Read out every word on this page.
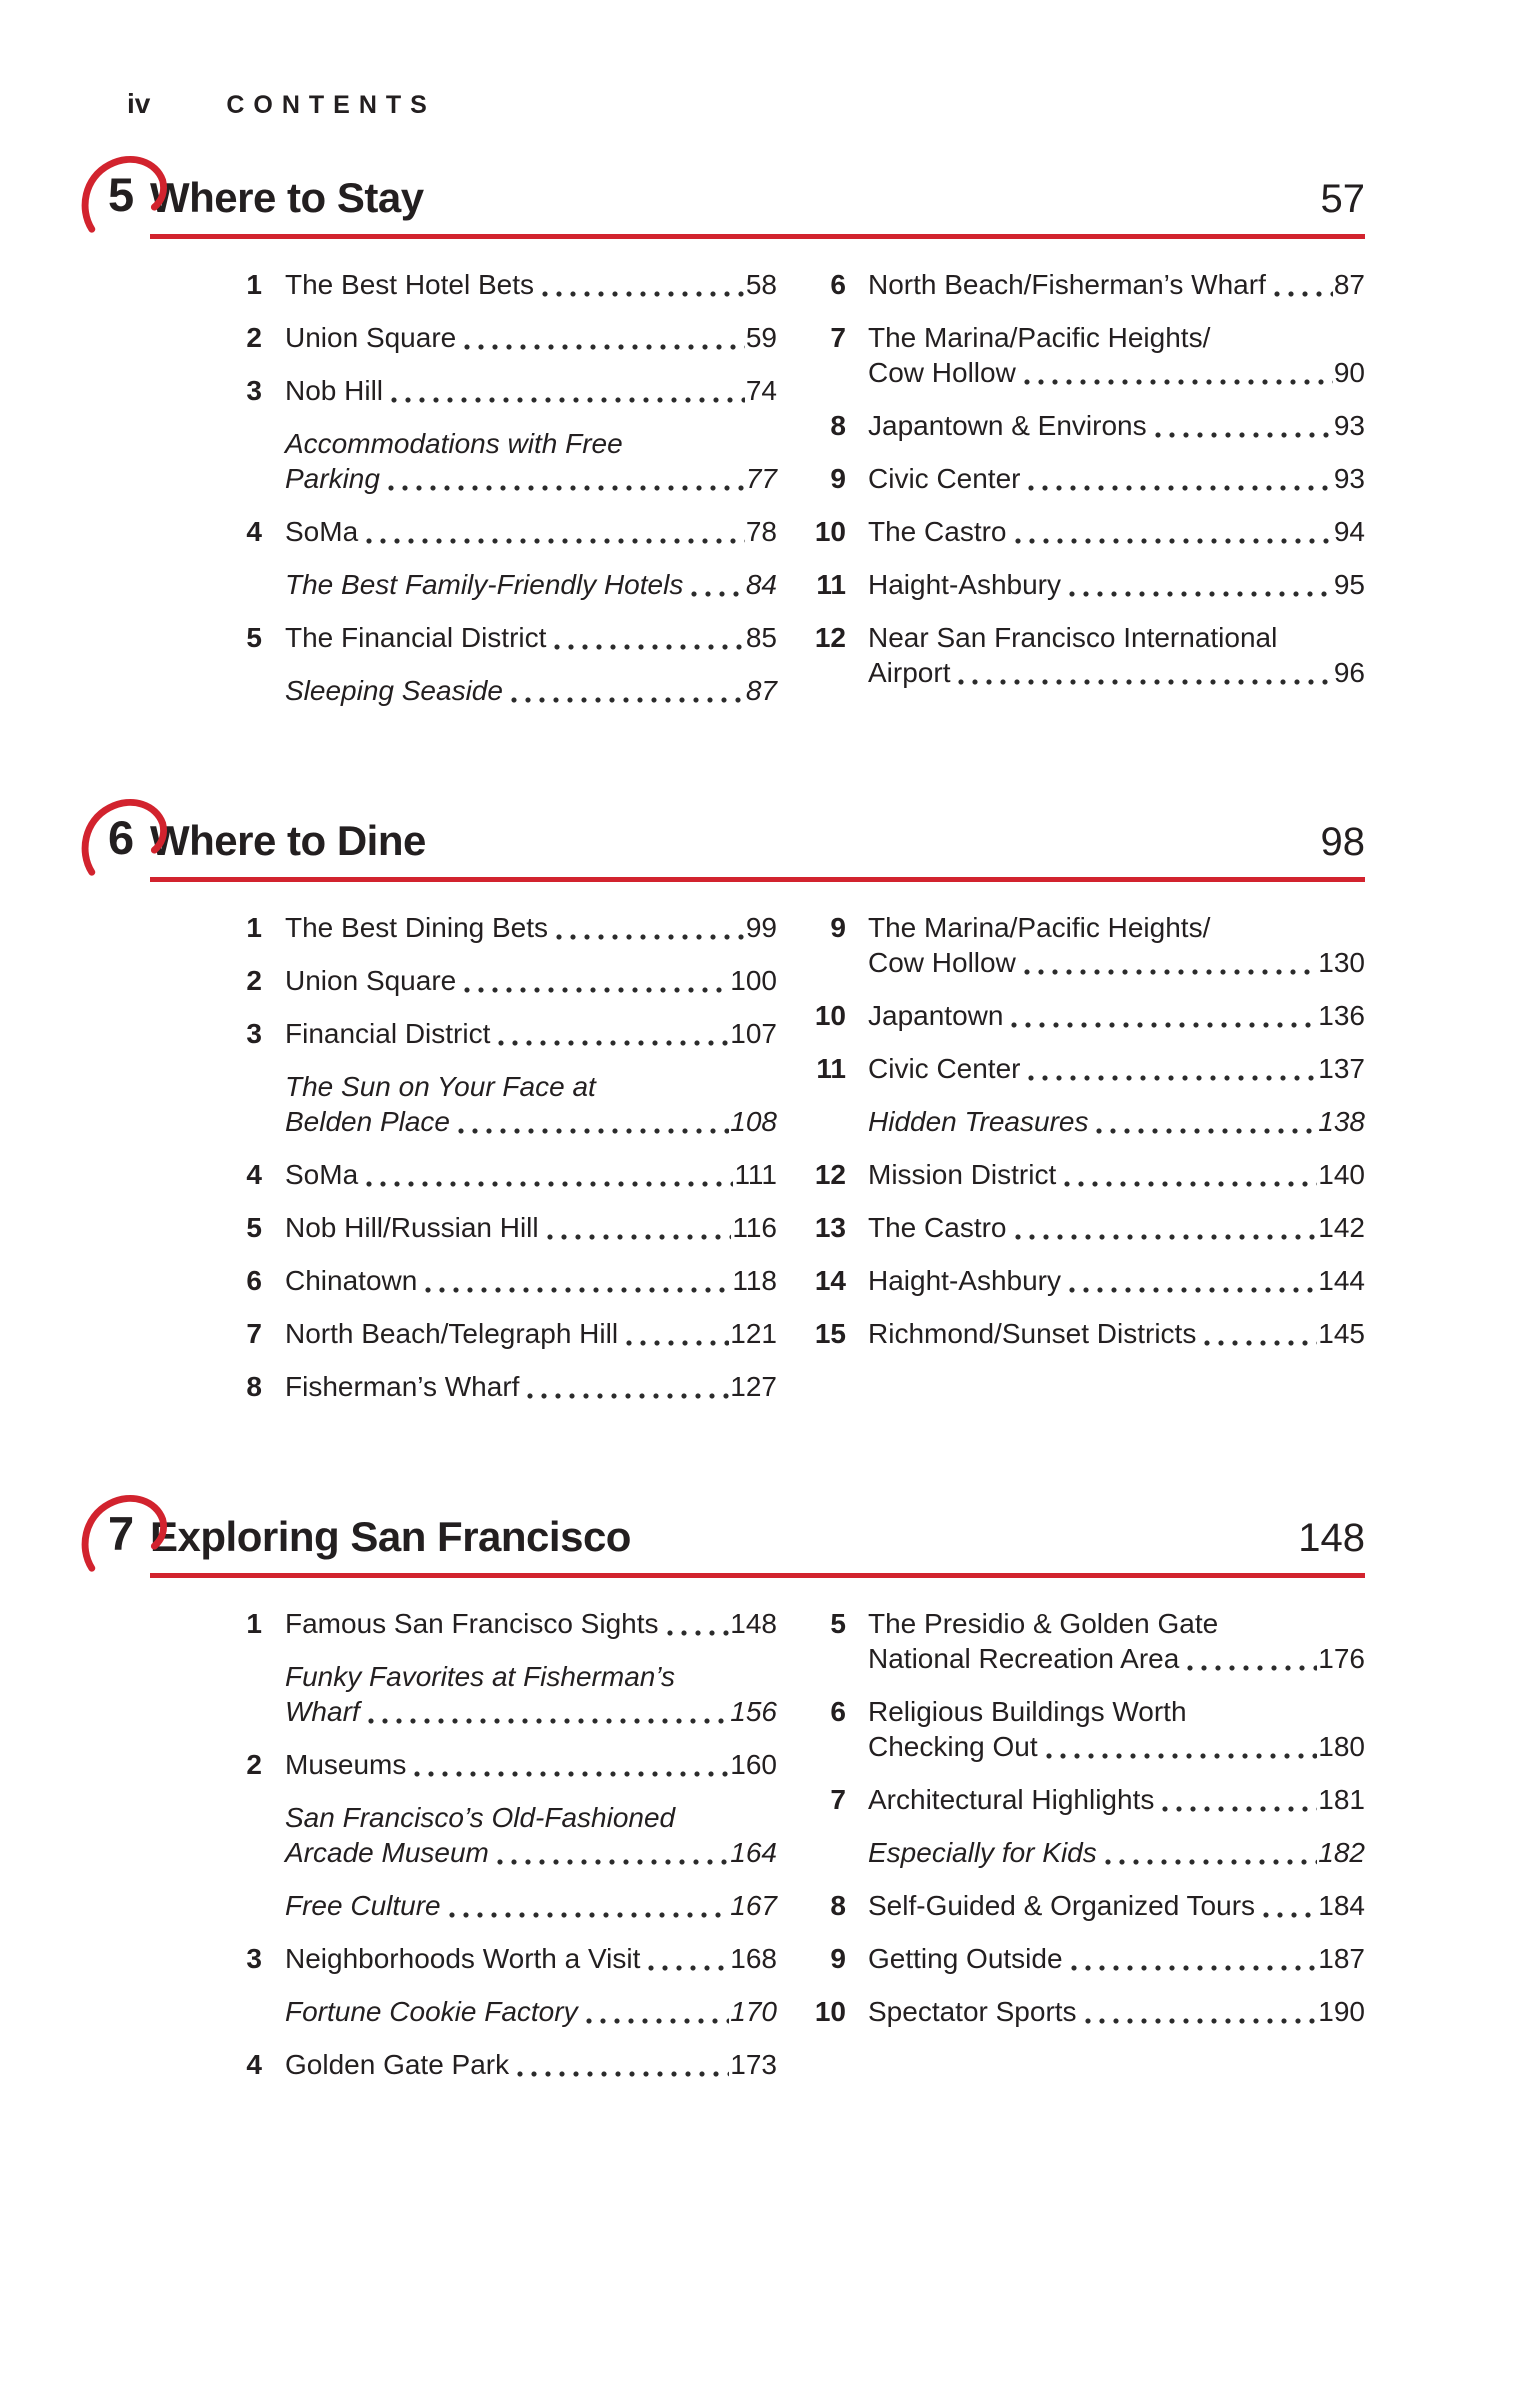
iv	CONTENTS
5 Where to Stay	57
1 The Best Hotel Bets	58
2 Union Square	59
3 Nob Hill	74
Accommodations with Free
Parking	77
4 SoMa	78
The Best Family-Friendly Hotels 84
5 The Financial District	85
Sleeping Seaside	87
6 North Beach/Fisherman’s Wharf 87
7 The Marina/Pacific Heights/
Cow Hollow	90
8 Japantown & Environs	93
9 Civic Center	93
10 The Castro	94
11 Haight-Ashbury	95
12 Near San Francisco International
Airport	96
6 Where to Dine	98
1 The Best Dining Bets	99
2 Union Square	100
3 Financial District	107
The Sun on Your Face at
Belden Place	108
4 SoMa	111
5 Nob Hill/Russian Hill	116
6 Chinatown	118
7 North Beach/Telegraph Hill	121
8 Fisherman’s Wharf	127
9 The Marina/Pacific Heights/
Cow Hollow	130
10 Japantown	136
11 Civic Center	137
Hidden Treasures	138
12 Mission District	140
13 The Castro	142
14 Haight-Ashbury	144
15 Richmond/Sunset Districts	145
7 Exploring San Francisco	148
1 Famous San Francisco Sights	148
Funky Favorites at Fisherman’s
Wharf	156
2 Museums	160
San Francisco’s Old-Fashioned
Arcade Museum	164
Free Culture	167
3 Neighborhoods Worth a Visit	168
Fortune Cookie Factory	170
4 Golden Gate Park	173
5 The Presidio & Golden Gate
National Recreation Area	176
6 Religious Buildings Worth
Checking Out	180
7 Architectural Highlights	181
Especially for Kids	182
8 Self-Guided & Organized Tours 184
9 Getting Outside	187
10 Spectator Sports	190
